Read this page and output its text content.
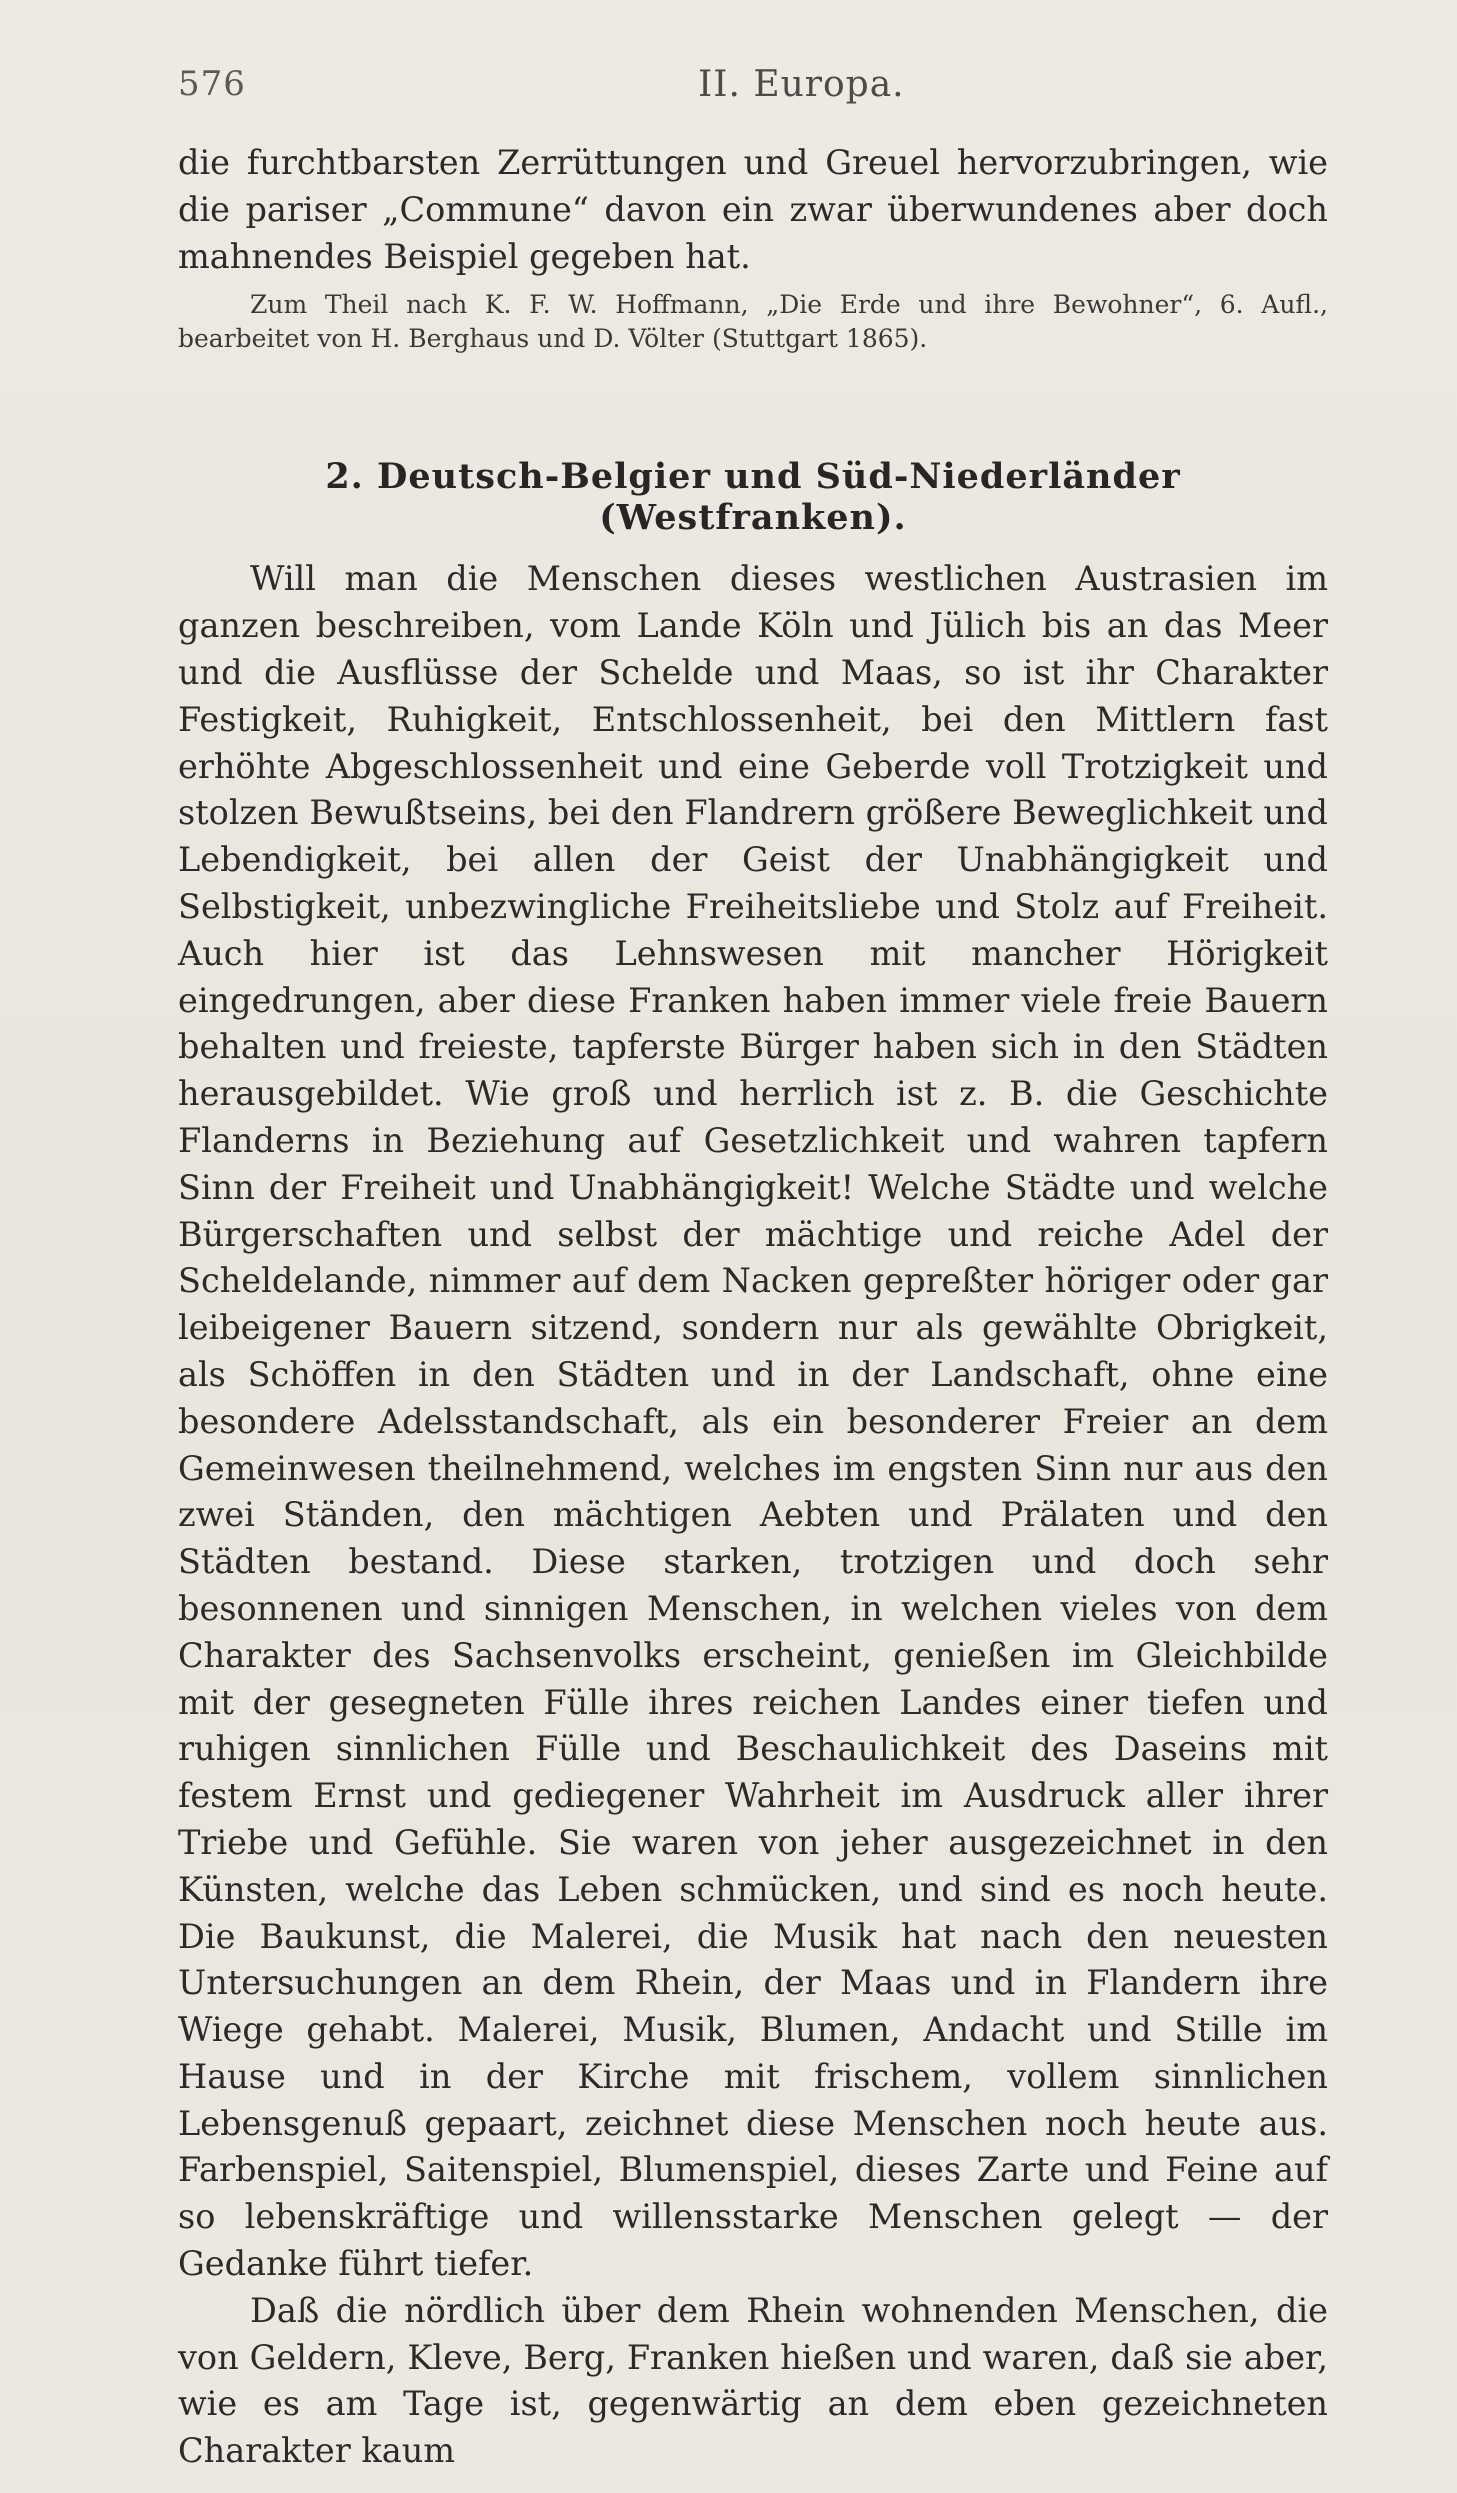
576	II. Europa.

die furchtbarsten Zerrüttungen und Greuel hervorzubringen, wie die pariser „Commune“ davon ein zwar überwundenes aber doch mahnendes Beispiel gegeben hat.

Zum Theil nach K. F. W. Hoffmann, „Die Erde und ihre Bewohner“, 6. Aufl., bearbeitet von H. Berghaus und D. Völter (Stuttgart 1865).

2. Deutsch-Belgier und Süd-Niederländer (Westfranken).

Will man die Menschen dieses westlichen Austrasien im ganzen beschreiben, vom Lande Köln und Jülich bis an das Meer und die Ausflüsse der Schelde und Maas, so ist ihr Charakter Festigkeit, Ruhigkeit, Entschlossenheit, bei den Mittlern fast erhöhte Abgeschlossenheit und eine Geberde voll Trotzigkeit und stolzen Bewußtseins, bei den Flandrern größere Beweglichkeit und Lebendigkeit, bei allen der Geist der Unabhängigkeit und Selbstigkeit, unbezwingliche Freiheitsliebe und Stolz auf Freiheit. Auch hier ist das Lehnswesen mit mancher Hörigkeit eingedrungen, aber diese Franken haben immer viele freie Bauern behalten und freieste, tapferste Bürger haben sich in den Städten herausgebildet. Wie groß und herrlich ist z. B. die Geschichte Flanderns in Beziehung auf Gesetzlichkeit und wahren tapfern Sinn der Freiheit und Unabhängigkeit! Welche Städte und welche Bürgerschaften und selbst der mächtige und reiche Adel der Scheldelande, nimmer auf dem Nacken gepreßter höriger oder gar leibeigener Bauern sitzend, sondern nur als gewählte Obrigkeit, als Schöffen in den Städten und in der Landschaft, ohne eine besondere Adelsstandschaft, als ein besonderer Freier an dem Gemeinwesen theilnehmend, welches im engsten Sinn nur aus den zwei Ständen, den mächtigen Aebten und Prälaten und den Städten bestand. Diese starken, trotzigen und doch sehr besonnenen und sinnigen Menschen, in welchen vieles von dem Charakter des Sachsenvolks erscheint, genießen im Gleichbilde mit der gesegneten Fülle ihres reichen Landes einer tiefen und ruhigen sinnlichen Fülle und Beschaulichkeit des Daseins mit festem Ernst und gediegener Wahrheit im Ausdruck aller ihrer Triebe und Gefühle. Sie waren von jeher ausgezeichnet in den Künsten, welche das Leben schmücken, und sind es noch heute. Die Baukunst, die Malerei, die Musik hat nach den neuesten Untersuchungen an dem Rhein, der Maas und in Flandern ihre Wiege gehabt. Malerei, Musik, Blumen, Andacht und Stille im Hause und in der Kirche mit frischem, vollem sinnlichen Lebensgenuß gepaart, zeichnet diese Menschen noch heute aus. Farbenspiel, Saitenspiel, Blumenspiel, dieses Zarte und Feine auf so lebenskräftige und willensstarke Menschen gelegt — der Gedanke führt tiefer.

Daß die nördlich über dem Rhein wohnenden Menschen, die von Geldern, Kleve, Berg, Franken hießen und waren, daß sie aber, wie es am Tage ist, gegenwärtig an dem eben gezeichneten Charakter kaum
